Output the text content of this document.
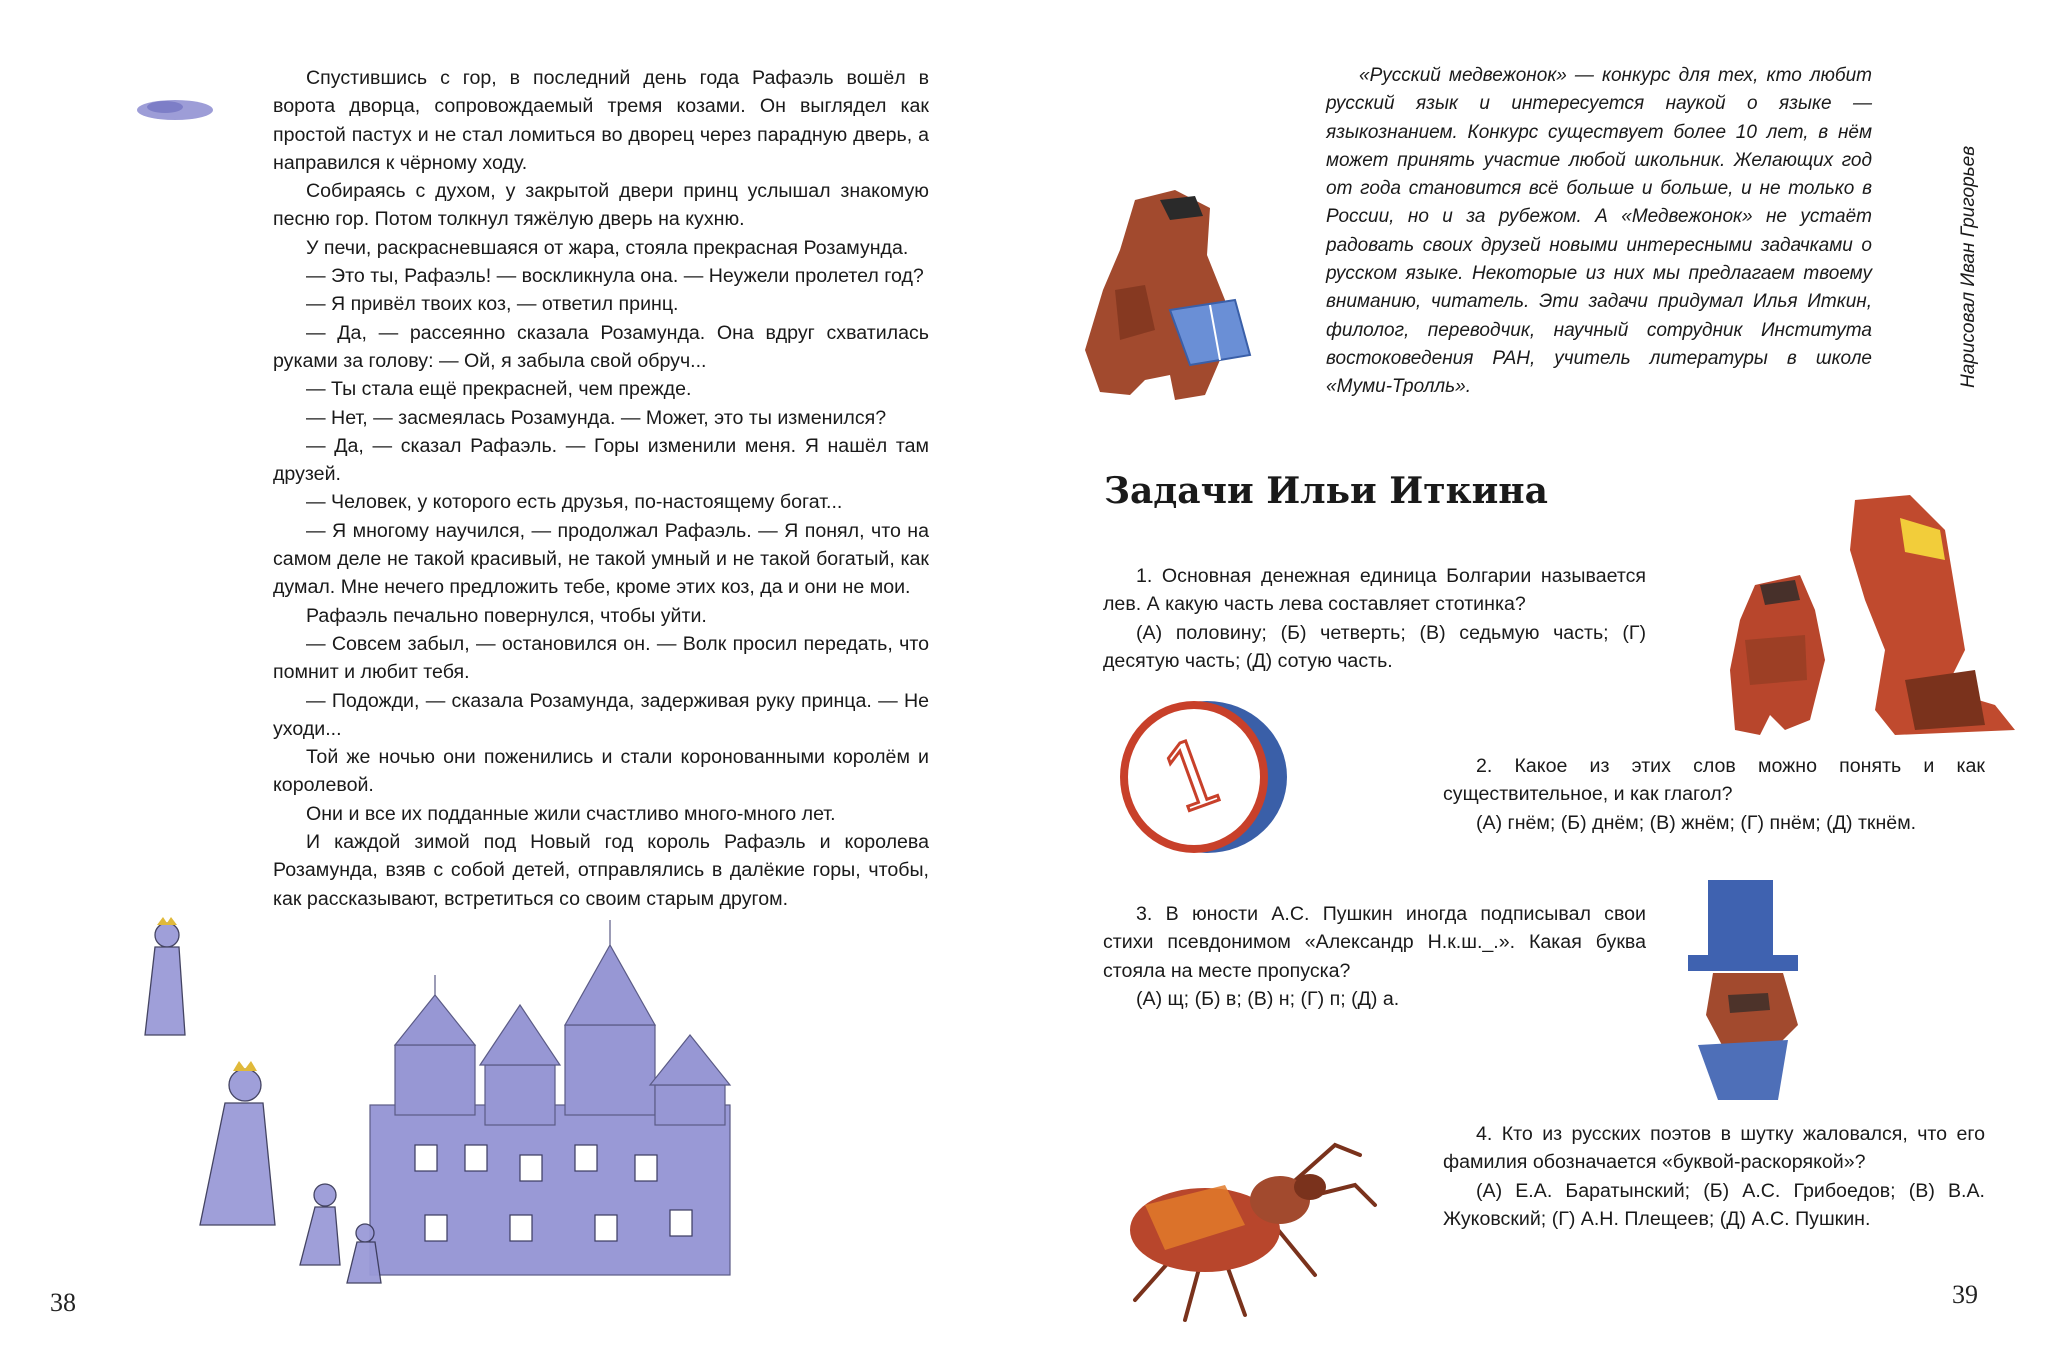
Спустившись с гор, в последний день года Рафаэль вошёл в ворота дворца, сопровождаемый тремя козами. Он выглядел как простой пастух и не стал ломиться во дворец через парадную дверь, а направился к чёрному ходу.

Собираясь с духом, у закрытой двери принц услышал знакомую песню гор. Потом толкнул тяжёлую дверь на кухню.

У печи, раскрасневшаяся от жара, стояла прекрасная Розамунда.

— Это ты, Рафаэль! — воскликнула она. — Неужели пролетел год?

— Я привёл твоих коз, — ответил принц.

— Да, — рассеянно сказала Розамунда. Она вдруг схватилась руками за голову: — Ой, я забыла свой обруч...

— Ты стала ещё прекрасней, чем прежде.

— Нет, — засмеялась Розамунда. — Может, это ты изменился?

— Да, — сказал Рафаэль. — Горы изменили меня. Я нашёл там друзей.

— Человек, у которого есть друзья, по-настоящему богат...

— Я многому научился, — продолжал Рафаэль. — Я понял, что на самом деле не такой красивый, не такой умный и не такой богатый, как думал. Мне нечего предложить тебе, кроме этих коз, да и они не мои.

Рафаэль печально повернулся, чтобы уйти.

— Совсем забыл, — остановился он. — Волк просил передать, что помнит и любит тебя.

— Подожди, — сказала Розамунда, задерживая руку принца. — Не уходи...

Той же ночью они поженились и стали коронованными королём и королевой.

Они и все их подданные жили счастливо много-много лет.

И каждой зимой под Новый год король Рафаэль и королева Розамунда, взяв с собой детей, отправлялись в далёкие горы, чтобы, как рассказывают, встретиться со своим старым другом.

38

«Русский медвежонок» — конкурс для тех, кто любит русский язык и интересуется наукой о языке — языкознанием. Конкурс существует более 10 лет, в нём может принять участие любой школьник. Желающих год от года становится всё больше и больше, и не только в России, но и за рубежом. А «Медвежонок» не устаёт радовать своих друзей новыми интересными задачками о русском языке. Некоторые из них мы предлагаем твоему вниманию, читатель. Эти задачи придумал Илья Иткин, филолог, переводчик, научный сотрудник Института востоковедения РАН, учитель литературы в школе «Муми-Тролль».	Нарисовал Иван Григорьев
Задачи Ильи Иткина

1. Основная денежная единица Болгарии называется лев. А какую часть лева составляет стотинка?

(А) половину; (Б) четверть; (В) седьмую часть; (Г) десятую часть; (Д) сотую часть.

1	2. Какое из этих слов можно понять и как существительное, и как глагол?

(А) гнём; (Б) днём; (В) жнём; (Г) пнём; (Д) ткнём.

3. В юности А.С. Пушкин иногда подписывал свои стихи псевдонимом «Александр Н.к.ш._.». Какая буква стояла на месте пропуска?

(А) щ; (Б) в; (В) н; (Г) п; (Д) а.

4. Кто из русских поэтов в шутку жаловался, что его фамилия обозначается «буквой-раскорякой»?

(А) Е.А. Баратынский; (Б) А.С. Грибоедов; (В) В.А. Жуковский; (Г) А.Н. Плещеев; (Д) А.С. Пушкин.

39
